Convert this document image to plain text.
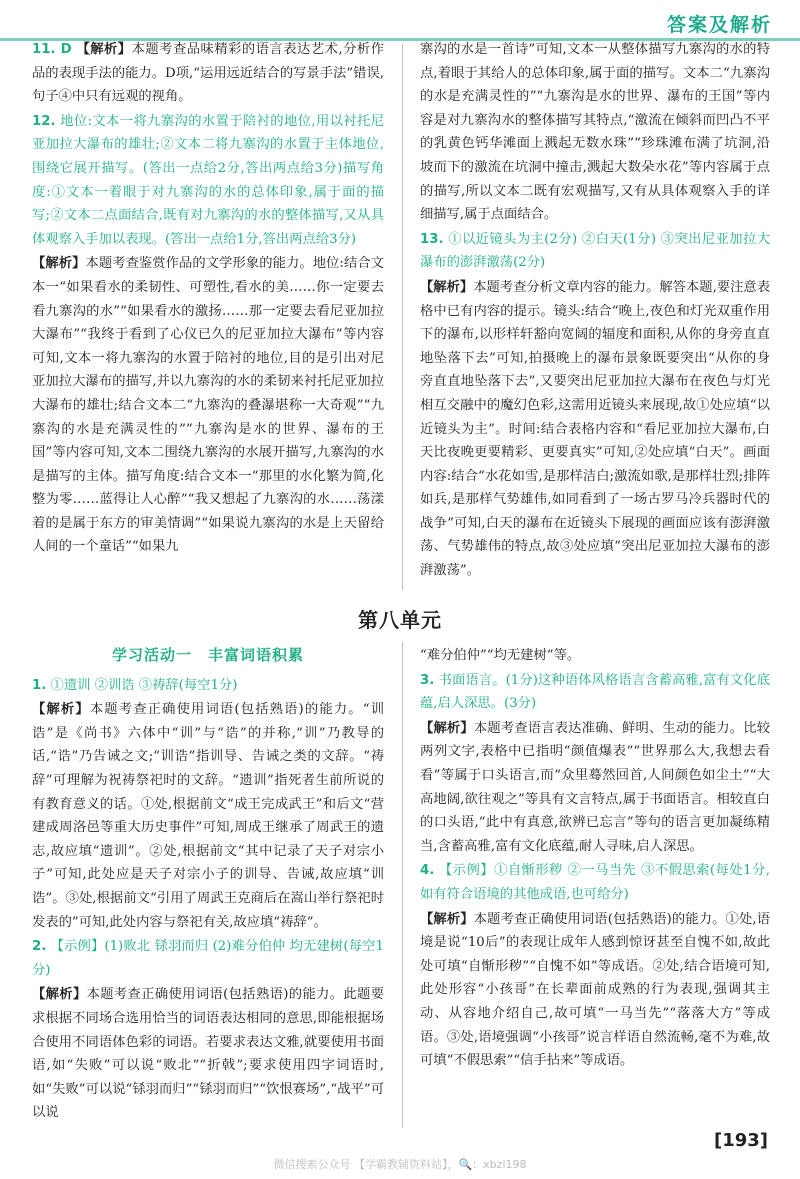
答案及解析

11. D 【解析】本题考查品味精彩的语言表达艺术,分析作品的表现手法的能力。D项,“运用远近结合的写景手法”错误,句子④中只有远观的视角。

12. 地位:文本一将九寨沟的水置于陪衬的地位,用以衬托尼亚加拉大瀑布的雄壮;②文本二将九寨沟的水置于主体地位,围绕它展开描写。(答出一点给2分,答出两点给3分)描写角度:①文本一着眼于对九寨沟的水的总体印象,属于面的描写;②文本二点面结合,既有对九寨沟的水的整体描写,又从具体观察入手加以表现。(答出一点给1分,答出两点给3分)

【解析】本题考查鉴赏作品的文学形象的能力。地位:结合文本一“如果看水的柔韧性、可塑性,看水的美……你一定要去看九寨沟的水”“如果看水的激扬……那一定要去看尼亚加拉大瀑布”“我终于看到了心仪已久的尼亚加拉大瀑布”等内容可知,文本一将九寨沟的水置于陪衬的地位,目的是引出对尼亚加拉大瀑布的描写,并以九寨沟的水的柔韧来衬托尼亚加拉大瀑布的雄壮;结合文本二“九寨沟的叠瀑堪称一大奇观”“九寨沟的水是充满灵性的”“九寨沟是水的世界、瀑布的王国”等内容可知,文本二围绕九寨沟的水展开描写,九寨沟的水是描写的主体。描写角度:结合文本一“那里的水化繁为简,化整为零……蓝得让人心醉”“我又想起了九寨沟的水……荡漾着的是属于东方的审美情调”“如果说九寨沟的水是上天留给人间的一个童话”“如果九

寨沟的水是一首诗”可知,文本一从整体描写九寨沟的水的特点,着眼于其给人的总体印象,属于面的描写。文本二“九寨沟的水是充满灵性的”“九寨沟是水的世界、瀑布的王国”等内容是对九寨沟水的整体描写其特点,“激流在倾斜而凹凸不平的乳黄色钙华滩面上溅起无数水珠”“珍珠滩布满了坑洞,沿坡而下的激流在坑洞中撞击,溅起大数朵水花”等内容属于点的描写,所以文本二既有宏观描写,又有从具体观察入手的详细描写,属于点面结合。

13. ①以近镜头为主(2分) ②白天(1分) ③突出尼亚加拉大瀑布的澎湃激荡(2分)

【解析】本题考查分析文章内容的能力。解答本题,要注意表格中已有内容的提示。镜头:结合“晚上,夜色和灯光双重作用下的瀑布,以形样轩豁向宽阔的辐度和面积,从你的身旁直直地坠落下去”可知,拍摄晚上的瀑布景象既要突出“从你的身旁直直地坠落下去”,又要突出尼亚加拉大瀑布在夜色与灯光相互交融中的魔幻色彩,这需用近镜头来展现,故①处应填“以近镜头为主”。时间:结合表格内容和“看尼亚加拉大瀑布,白天比夜晚更要精彩、更要真实”可知,②处应填“白天”。画面内容:结合“水花如雪,是那样洁白;激流如歌,是那样壮烈;排阵如兵,是那样气势雄伟,如同看到了一场古罗马冷兵器时代的战争”可知,白天的瀑布在近镜头下展现的画面应该有澎湃激荡、气势雄伟的特点,故③处应填“突出尼亚加拉大瀑布的澎湃激荡”。

第八单元
学习活动一　丰富词语积累

1. ①遗训 ②训诰 ③祷辞(每空1分)

【解析】本题考查正确使用词语(包括熟语)的能力。“训诰”是《尚书》六体中“训”与“诰”的并称,“训”乃教导的话,“诰”乃告诫之文;“训诰”指训导、告诫之类的文辞。“祷辞”可理解为祝祷祭祀时的文辞。“遗训”指死者生前所说的有教育意义的话。①处,根据前文“成王完成武王”和后文“营建成周洛邑等重大历史事件”可知,周成王继承了周武王的遗志,故应填“遗训”。②处,根据前文“其中记录了天子对宗小子”可知,此处应是天子对宗小子的训导、告诫,故应填“训诰”。③处,根据前文“引用了周武王克商后在嵩山举行祭祀时发表的”可知,此处内容与祭祀有关,故应填“祷辞”。

2. 【示例】(1)败北 铩羽而归 (2)难分伯仲 均无建树(每空1分)

【解析】本题考查正确使用词语(包括熟语)的能力。此题要求根据不同场合选用恰当的词语表达相同的意思,即能根据场合使用不同语体色彩的词语。若要求表达文雅,就要使用书面语,如“失败”可以说“败北”“折戟”;要求使用四字词语时,如“失败”可以说“铩羽而归”“铩羽而归”“饮恨赛场”,“战平”可以说

“难分伯仲”“均无建树”等。

3. 书面语言。(1分)这种语体风格语言含蓄高雅,富有文化底蕴,启人深思。(3分)

【解析】本题考查语言表达准确、鲜明、生动的能力。比较两列文字,表格中已指明“颜值爆表”“世界那么大,我想去看看”等属于口头语言,而“众里蓦然回首,人间颜色如尘土”“大高地阔,欲往观之”等具有文言特点,属于书面语言。相较直白的口头语,“此中有真意,欲辨已忘言”等句的语言更加凝练精当,含蓄高雅,富有文化底蕴,耐人寻味,启人深思。

4. 【示例】①自惭形秽 ②一马当先 ③不假思索(每处1分,如有符合语境的其他成语,也可给分)

【解析】本题考查正确使用词语(包括熟语)的能力。①处,语境是说“10后”的表现让成年人感到惊讶甚至自愧不如,故此处可填“自惭形秽”“自愧不如”等成语。②处,结合语境可知,此处形容“小孩哥”在长辈面前成熟的行为表现,强调其主动、从容地介绍自己,故可填“一马当先”“落落大方”等成语。③处,语境强调“小孩哥”说言样语自然流畅,毫不为难,故可填“不假思索”“信手拈来”等成语。

[193]
微信搜索公众号 【学霸教辅资料站】，🔍：xbzl198
